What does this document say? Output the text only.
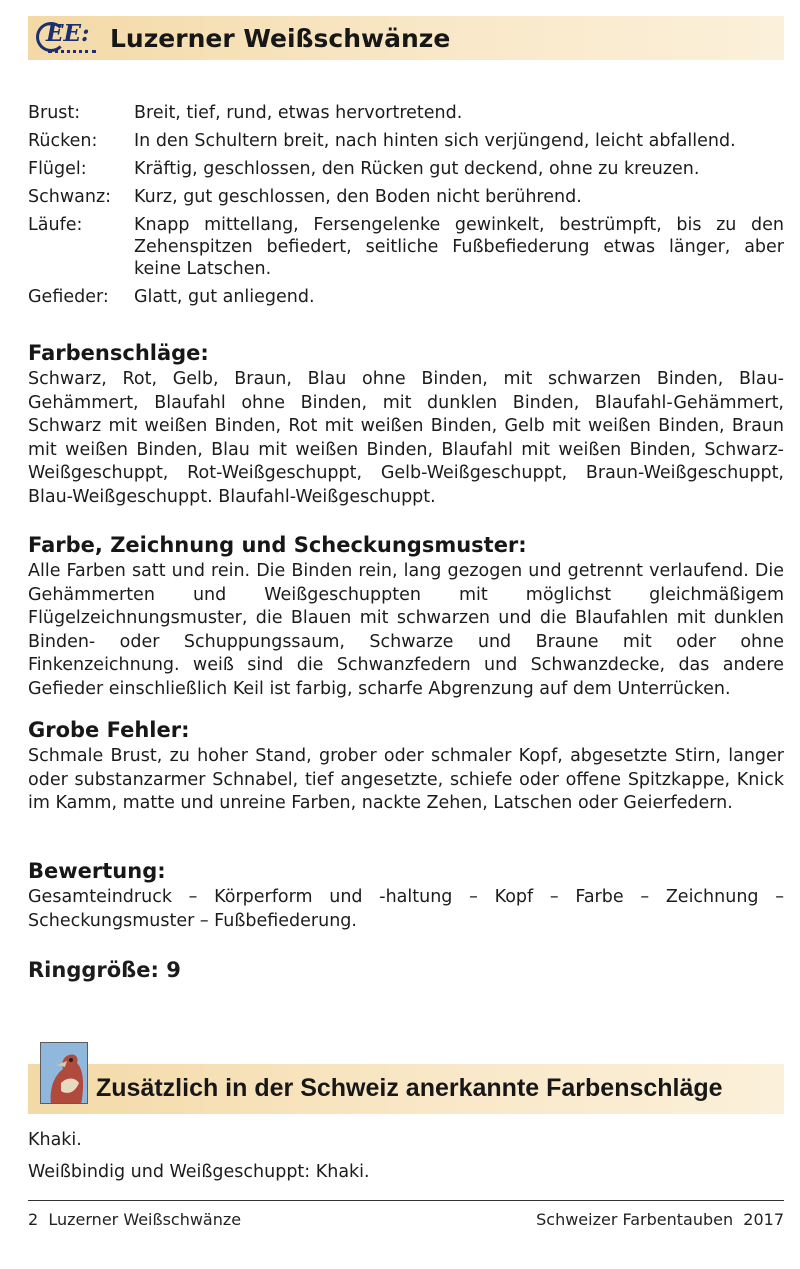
EE: Luzerner Weißschwänze
Brust:	Breit, tief, rund, etwas hervortretend.
Rücken:	In den Schultern breit, nach hinten sich verjüngend, leicht abfallend.
Flügel:	Kräftig, geschlossen, den Rücken gut deckend, ohne zu kreuzen.
Schwanz:	Kurz, gut geschlossen, den Boden nicht berührend.
Läufe:	Knapp mittellang, Fersengelenke gewinkelt, bestrümpft, bis zu den Zehenspitzen befiedert, seitliche Fußbefiederung etwas länger, aber keine Latschen.
Gefieder:	Glatt, gut anliegend.
Farbenschläge:
Schwarz, Rot, Gelb, Braun, Blau ohne Binden, mit schwarzen Binden, Blau-Gehämmert, Blaufahl ohne Binden, mit dunklen Binden, Blaufahl-Gehämmert, Schwarz mit weißen Binden, Rot mit weißen Binden, Gelb mit weißen Binden, Braun mit weißen Binden, Blau mit weißen Binden, Blaufahl mit weißen Binden, Schwarz-Weißgeschuppt, Rot-Weißgeschuppt, Gelb-Weißgeschuppt, Braun-Weißgeschuppt, Blau-Weißgeschuppt. Blaufahl-Weißgeschuppt.
Farbe, Zeichnung und Scheckungsmuster:
Alle Farben satt und rein. Die Binden rein, lang gezogen und getrennt verlaufend. Die Gehämmerten und Weißgeschuppten mit möglichst gleichmäßigem Flügelzeichnungsmuster, die Blauen mit schwarzen und die Blaufahlen mit dunklen Binden- oder Schuppungssaum, Schwarze und Braune mit oder ohne Finkenzeichnung. weiß sind die Schwanzfedern und Schwanzdecke, das andere Gefieder einschließlich Keil ist farbig, scharfe Abgrenzung auf dem Unterrücken.
Grobe Fehler:
Schmale Brust, zu hoher Stand, grober oder schmaler Kopf, abgesetzte Stirn, langer oder substanzarmer Schnabel, tief angesetzte, schiefe oder offene Spitzkappe, Knick im Kamm, matte und unreine Farben, nackte Zehen, Latschen oder Geierfedern.
Bewertung:
Gesamteindruck – Körperform und -haltung – Kopf – Farbe – Zeichnung – Scheckungsmuster – Fußbefiederung.
Ringgröße: 9
Zusätzlich in der Schweiz anerkannte Farbenschläge
Khaki.
Weißbindig und Weißgeschuppt: Khaki.
2 Luzerner Weißschwänze	Schweizer Farbentauben 2017
